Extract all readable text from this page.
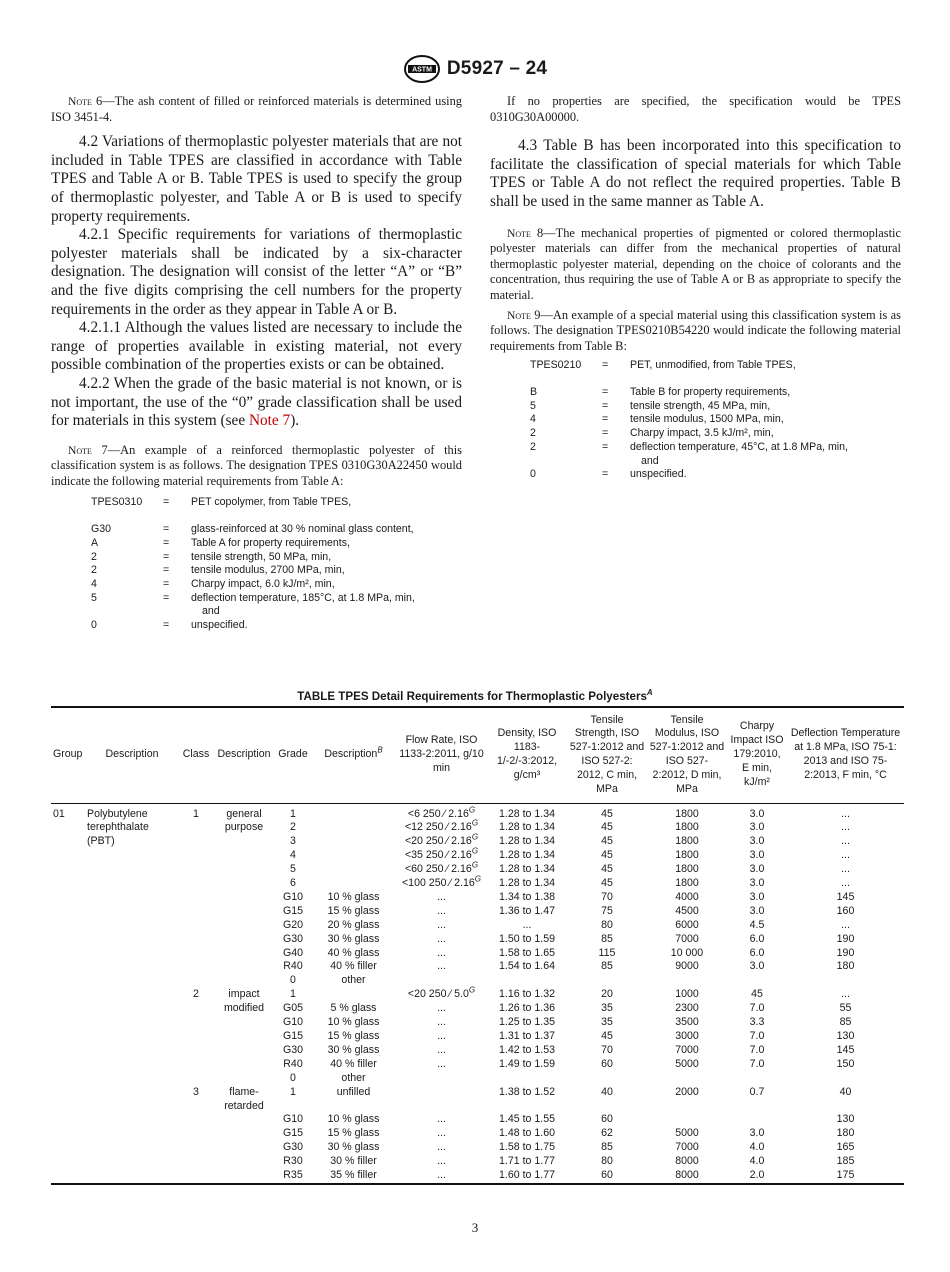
ASTM D5927 – 24

Note 6—The ash content of filled or reinforced materials is determined using ISO 3451-4.

4.2 Variations of thermoplastic polyester materials that are not included in Table TPES are classified in accordance with Table TPES and Table A or B. Table TPES is used to specify the group of thermoplastic polyester, and Table A or B is used to specify property requirements.

4.2.1 Specific requirements for variations of thermoplastic polyester materials shall be indicated by a six-character designation. The designation will consist of the letter “A” or “B” and the five digits comprising the cell numbers for the property requirements in the order as they appear in Table A or B.

4.2.1.1 Although the values listed are necessary to include the range of properties available in existing material, not every possible combination of the properties exists or can be obtained.

4.2.2 When the grade of the basic material is not known, or is not important, the use of the “0” grade classification shall be used for materials in this system (see Note 7).

Note 7—An example of a reinforced thermoplastic polyester of this classification system is as follows. The designation TPES 0310G30A22450 would indicate the following material requirements from Table A:

TPES0310	=	PET copolymer, from Table TPES,
G30	=	glass-reinforced at 30 % nominal glass content,
A	=	Table A for property requirements,
2	=	tensile strength, 50 MPa, min,
2	=	tensile modulus, 2700 MPa, min,
4	=	Charpy impact, 6.0 kJ/m², min,
5	=	deflection temperature, 185°C, at 1.8 MPa, min,
and
0	=	unspecified.

If no properties are specified, the specification would be TPES 0310G30A00000.

4.3 Table B has been incorporated into this specification to facilitate the classification of special materials for which Table TPES or Table A do not reflect the required properties. Table B shall be used in the same manner as Table A.

Note 8—The mechanical properties of pigmented or colored thermoplastic polyester materials can differ from the mechanical properties of natural thermoplastic polyester material, depending on the choice of colorants and the concentration, thus requiring the use of Table A or B as appropriate to specify the material.

Note 9—An example of a special material using this classification system is as follows. The designation TPES0210B54220 would indicate the following material requirements from Table B:

TPES0210	=	PET, unmodified, from Table TPES,
B	=	Table B for property requirements,
5	=	tensile strength, 45 MPa, min,
4	=	tensile modulus, 1500 MPa, min,
2	=	Charpy impact, 3.5 kJ/m², min,
2	=	deflection temperature, 45°C, at 1.8 MPa, min,
and
0	=	unspecified.
TABLE TPES Detail Requirements for Thermoplastic Polyesters$^A$
Group	Description	Class	Description	Grade	Description$^B$	Flow Rate, ISO 1133-2:2011, g/10 min	Density, ISO 1183-1/-2/-3:2012, g/cm³	Tensile Strength, ISO 527-1:2012 and ISO 527-2: 2012, C min, MPa	Tensile Modulus, ISO 527-1:2012 and ISO 527-2:2012, D min, MPa	Charpy Impact ISO 179:2010, E min, kJ/m²	Deflection Temperature at 1.8 MPa, ISO 75-1: 2013 and ISO 75-2:2013, F min, °C
01	Polybutylene	1	general	1		<6 250 ⁄ $2.16^G$	1.28 to 1.34	45	1800	3.0	...
	terephthalate		purpose	2		<12 250 ⁄ $2.16^G$	1.28 to 1.34	45	1800	3.0	...
	(PBT)			3		<20 250 ⁄ $2.16^G$	1.28 to 1.34	45	1800	3.0	...
				4		<35 250 ⁄ $2.16^G$	1.28 to 1.34	45	1800	3.0	...
				5		<60 250 ⁄ $2.16^G$	1.28 to 1.34	45	1800	3.0	...
				6		<100 250 ⁄ $2.16^G$	1.28 to 1.34	45	1800	3.0	...
				G10	10 % glass	...	1.34 to 1.38	70	4000	3.0	145
				G15	15 % glass	...	1.36 to 1.47	75	4500	3.0	160
				G20	20 % glass	...	...	80	6000	4.5	...
				G30	30 % glass	...	1.50 to 1.59	85	7000	6.0	190
				G40	40 % glass	...	1.58 to 1.65	115	10 000	6.0	190
				R40	40 % filler	...	1.54 to 1.64	85	9000	3.0	180
				0	other						
		2	impact	1		<20 250 ⁄ $5.0^G$	1.16 to 1.32	20	1000	45	...
			modified	G05	5 % glass	...	1.26 to 1.36	35	2300	7.0	55
				G10	10 % glass	...	1.25 to 1.35	35	3500	3.3	85
				G15	15 % glass	...	1.31 to 1.37	45	3000	7.0	130
				G30	30 % glass	...	1.42 to 1.53	70	7000	7.0	145
				R40	40 % filler	...	1.49 to 1.59	60	5000	7.0	150
				0	other						
		3	flame-	1	unfilled		1.38 to 1.52	40	2000	0.7	40
			retarded								
				G10	10 % glass	...	1.45 to 1.55	60			130
				G15	15 % glass	...	1.48 to 1.60	62	5000	3.0	180
				G30	30 % glass	...	1.58 to 1.75	85	7000	4.0	165
				R30	30 % filler	...	1.71 to 1.77	80	8000	4.0	185
				R35	35 % filler	...	1.60 to 1.77	60	8000	2.0	175
3
